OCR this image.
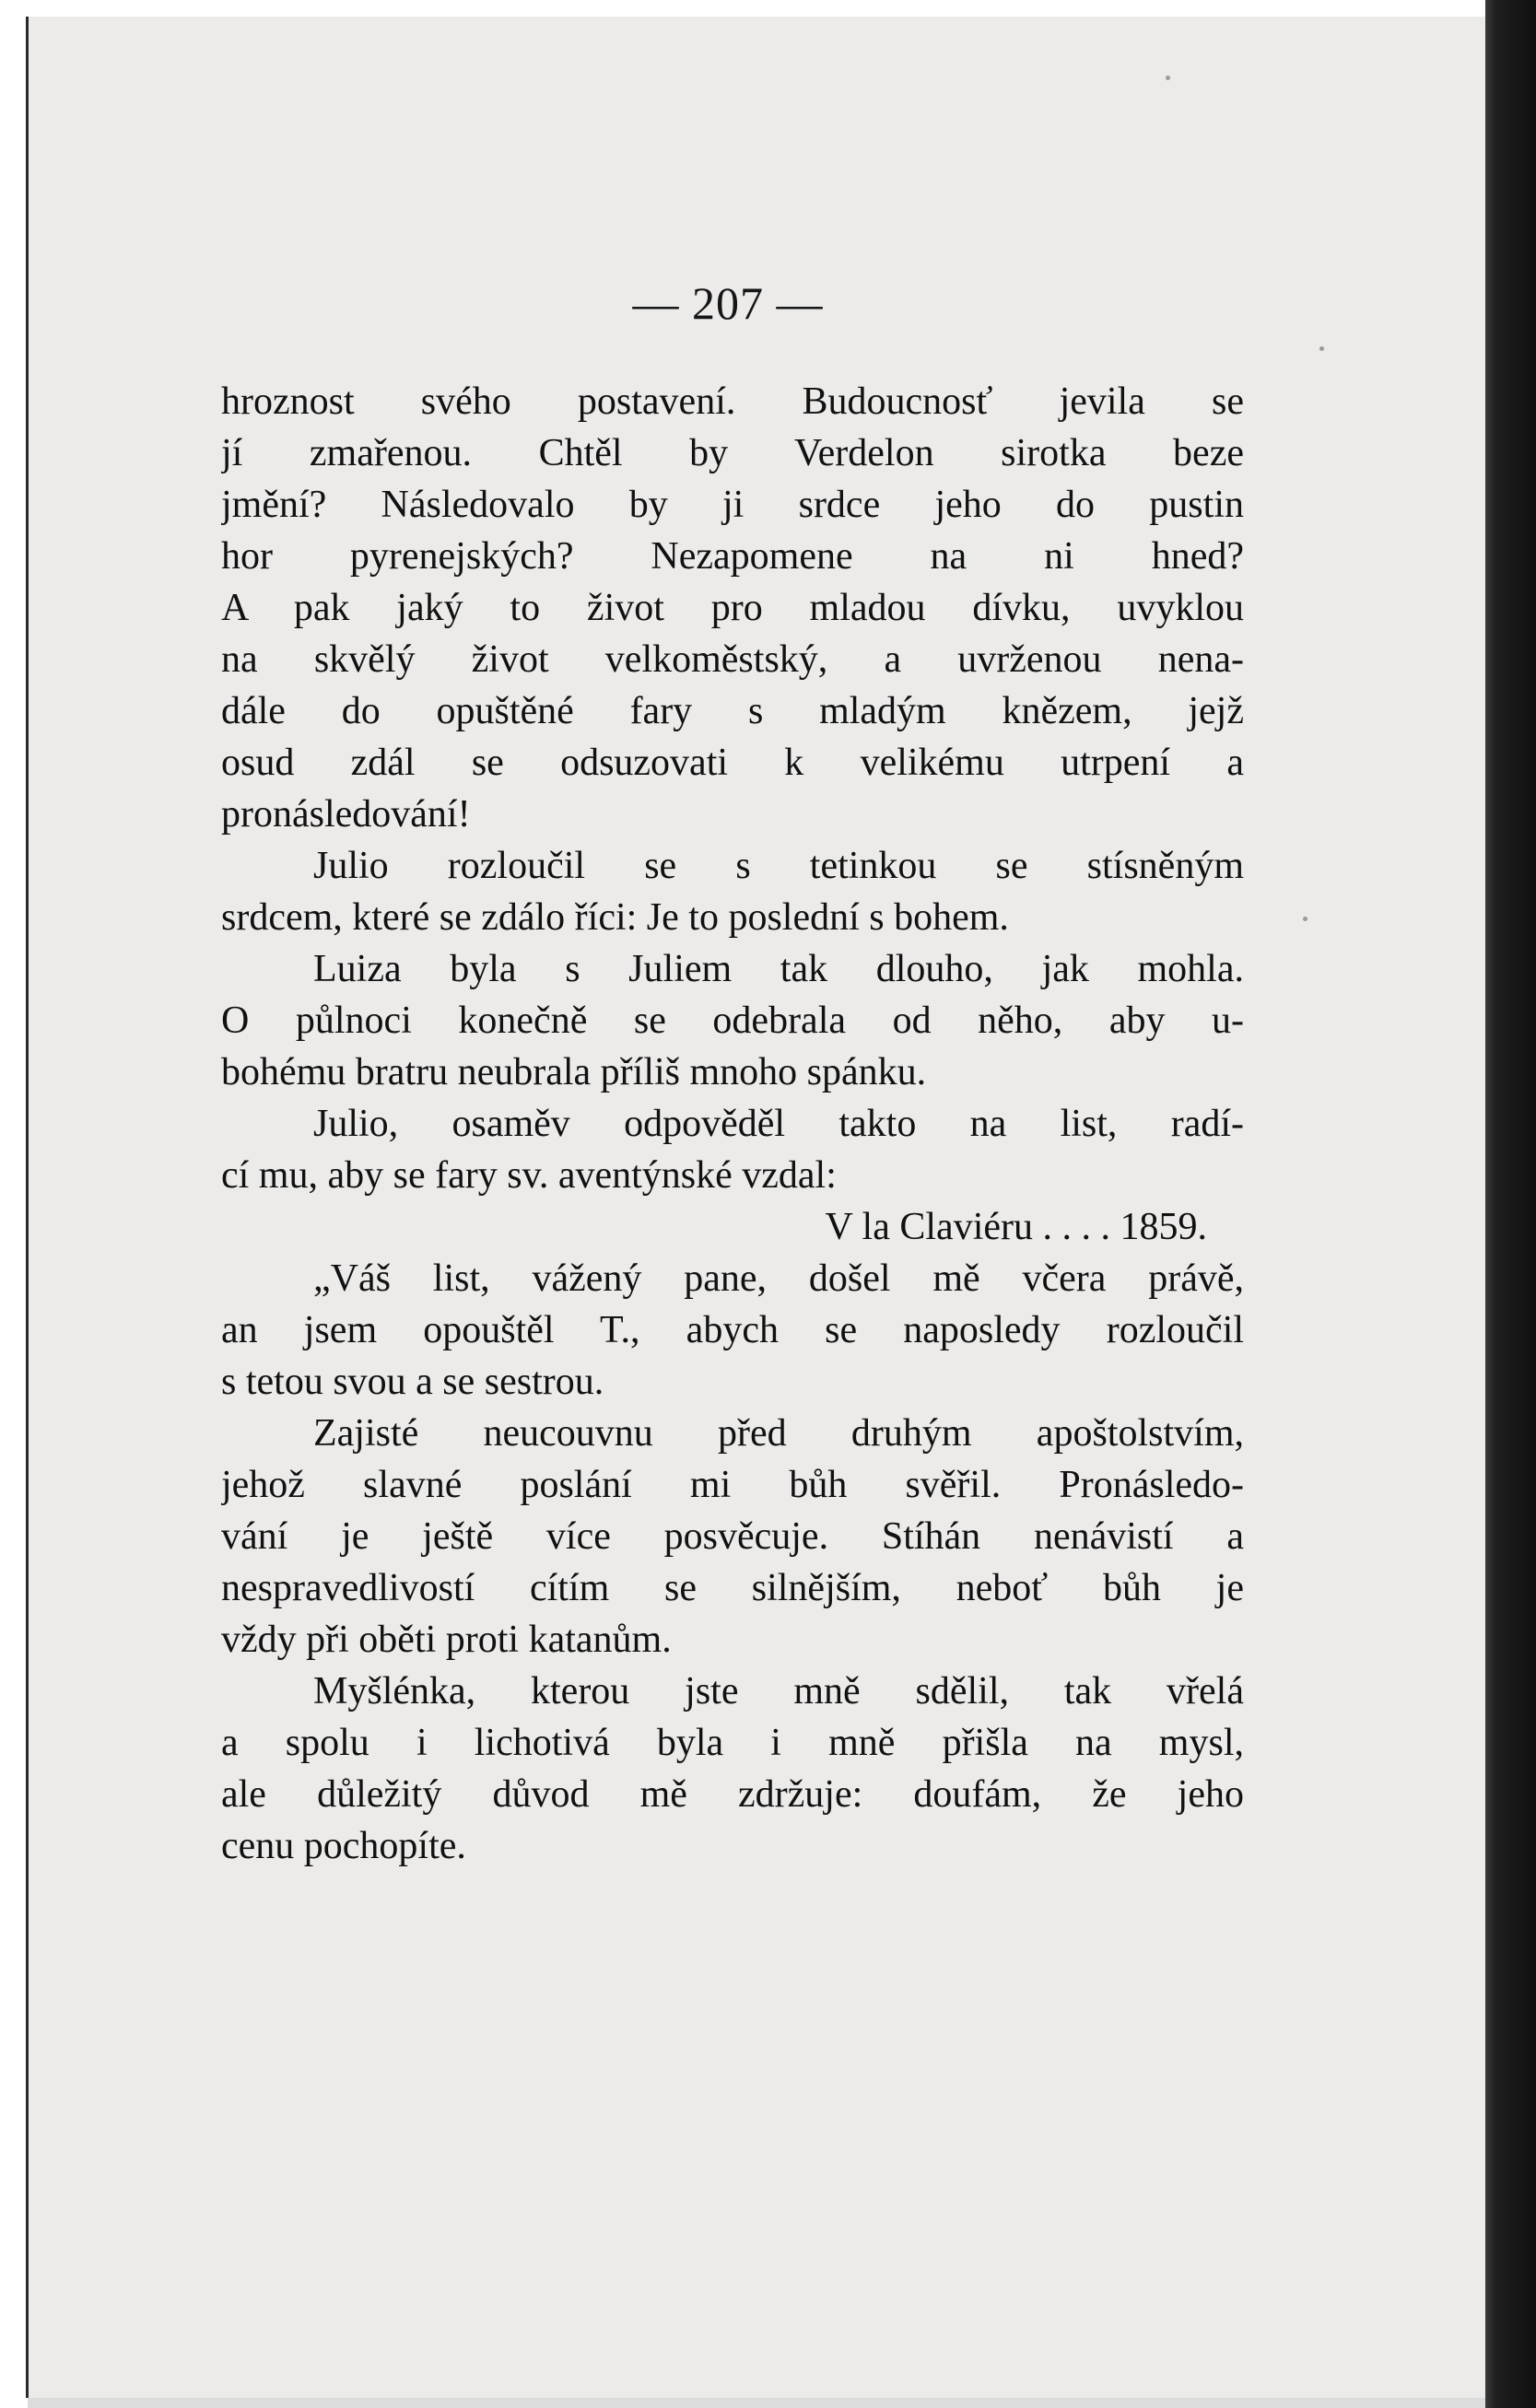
— 207 —
hroznost svého postavení. Budoucnosť jevila se
jí zmařenou. Chtěl by Verdelon sirotka beze
jmění? Následovalo by ji srdce jeho do pustin
hor pyrenejských? Nezapomene na ni hned?
A pak jaký to život pro mladou dívku, uvyklou
na skvělý život velkoměstský, a uvrženou nena-
dále do opuštěné fary s mladým knězem, jejž
osud zdál se odsuzovati k velikému utrpení a
pronásledování!
Julio rozloučil se s tetinkou se stísněným
srdcem, které se zdálo říci: Je to poslední s bohem.
Luiza byla s Juliem tak dlouho, jak mohla.
O půlnoci konečně se odebrala od něho, aby u-
bohému bratru neubrala příliš mnoho spánku.
Julio, osaměv odpověděl takto na list, radí-
cí mu, aby se fary sv. aventýnské vzdal:
V la Claviéru . . . . 1859.
„Váš list, vážený pane, došel mě včera právě,
an jsem opouštěl T., abych se naposledy rozloučil
s tetou svou a se sestrou.
Zajisté neucouvnu před druhým apoštolstvím,
jehož slavné poslání mi bůh svěřil. Pronásledo-
vání je ještě více posvěcuje. Stíhán nenávistí a
nespravedlivostí cítím se silnějším, neboť bůh je
vždy při oběti proti katanům.
Myšlénka, kterou jste mně sdělil, tak vřelá
a spolu i lichotivá byla i mně přišla na mysl,
ale důležitý důvod mě zdržuje: doufám, že jeho
cenu pochopíte.
